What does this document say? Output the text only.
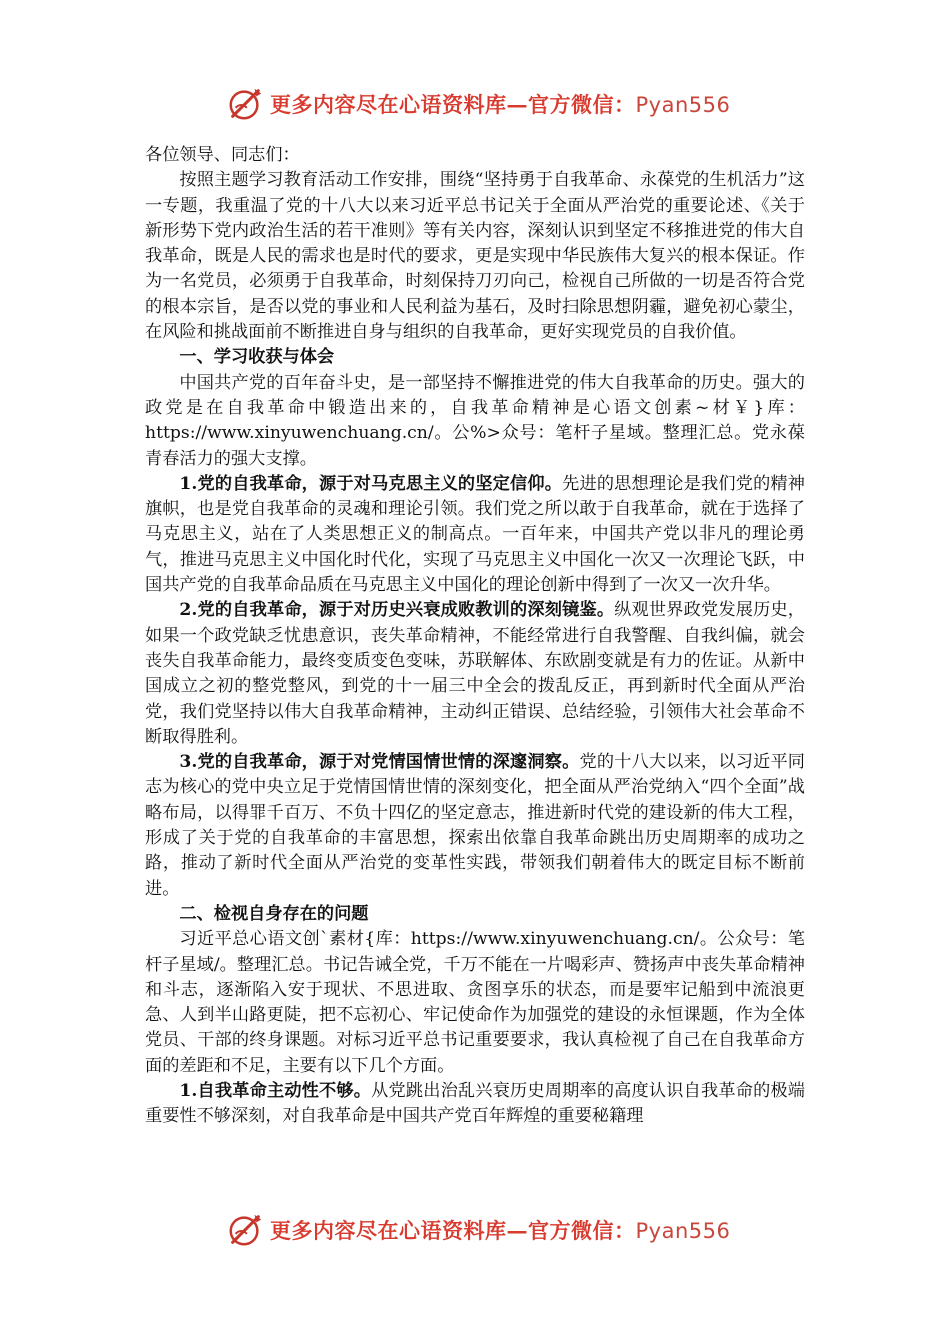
更多内容尽在心语资料库—官方微信：Pyan556

各位领导、同志们：

按照主题学习教育活动工作安排，围绕“坚持勇于自我革命、永葆党的生机活力”这一专题，我重温了党的十八大以来习近平总书记关于全面从严治党的重要论述、《关于新形势下党内政治生活的若干准则》等有关内容，深刻认识到坚定不移推进党的伟大自我革命，既是人民的需求也是时代的要求，更是实现中华民族伟大复兴的根本保证。作为一名党员，必须勇于自我革命，时刻保持刀刃向己，检视自己所做的一切是否符合党的根本宗旨，是否以党的事业和人民利益为基石，及时扫除思想阴霾，避免初心蒙尘，在风险和挑战面前不断推进自身与组织的自我革命，更好实现党员的自我价值。

一、学习收获与体会

中国共产党的百年奋斗史，是一部坚持不懈推进党的伟大自我革命的历史。强大的政党是在自我革命中锻造出来的，自我革命精神是心语文创素~材￥}库：https://www.xinyuwenchuang.cn/。公%>众号：笔杆子星域。整理汇总。党永葆青春活力的强大支撑。

1.党的自我革命，源于对马克思主义的坚定信仰。先进的思想理论是我们党的精神旗帜，也是党自我革命的灵魂和理论引领。我们党之所以敢于自我革命，就在于选择了马克思主义，站在了人类思想正义的制高点。一百年来，中国共产党以非凡的理论勇气，推进马克思主义中国化时代化，实现了马克思主义中国化一次又一次理论飞跃，中国共产党的自我革命品质在马克思主义中国化的理论创新中得到了一次又一次升华。

2.党的自我革命，源于对历史兴衰成败教训的深刻镜鉴。纵观世界政党发展历史，如果一个政党缺乏忧患意识，丧失革命精神，不能经常进行自我警醒、自我纠偏，就会丧失自我革命能力，最终变质变色变味，苏联解体、东欧剧变就是有力的佐证。从新中国成立之初的整党整风，到党的十一届三中全会的拨乱反正，再到新时代全面从严治党，我们党坚持以伟大自我革命精神，主动纠正错误、总结经验，引领伟大社会革命不断取得胜利。

3.党的自我革命，源于对党情国情世情的深邃洞察。党的十八大以来，以习近平同志为核心的党中央立足于党情国情世情的深刻变化，把全面从严治党纳入“四个全面”战略布局，以得罪千百万、不负十四亿的坚定意志，推进新时代党的建设新的伟大工程，形成了关于党的自我革命的丰富思想，探索出依靠自我革命跳出历史周期率的成功之路，推动了新时代全面从严治党的变革性实践，带领我们朝着伟大的既定目标不断前进。

二、检视自身存在的问题

习近平总心语文创`素材{库：https://www.xinyuwenchuang.cn/。公众号：笔杆子星域/。整理汇总。书记告诫全党，千万不能在一片喝彩声、赞扬声中丧失革命精神和斗志，逐渐陷入安于现状、不思进取、贪图享乐的状态，而是要牢记船到中流浪更急、人到半山路更陡，把不忘初心、牢记使命作为加强党的建设的永恒课题，作为全体党员、干部的终身课题。对标习近平总书记重要要求，我认真检视了自己在自我革命方面的差距和不足，主要有以下几个方面。

1.自我革命主动性不够。从党跳出治乱兴衰历史周期率的高度认识自我革命的极端重要性不够深刻，对自我革命是中国共产党百年辉煌的重要秘籍理

更多内容尽在心语资料库—官方微信：Pyan556
